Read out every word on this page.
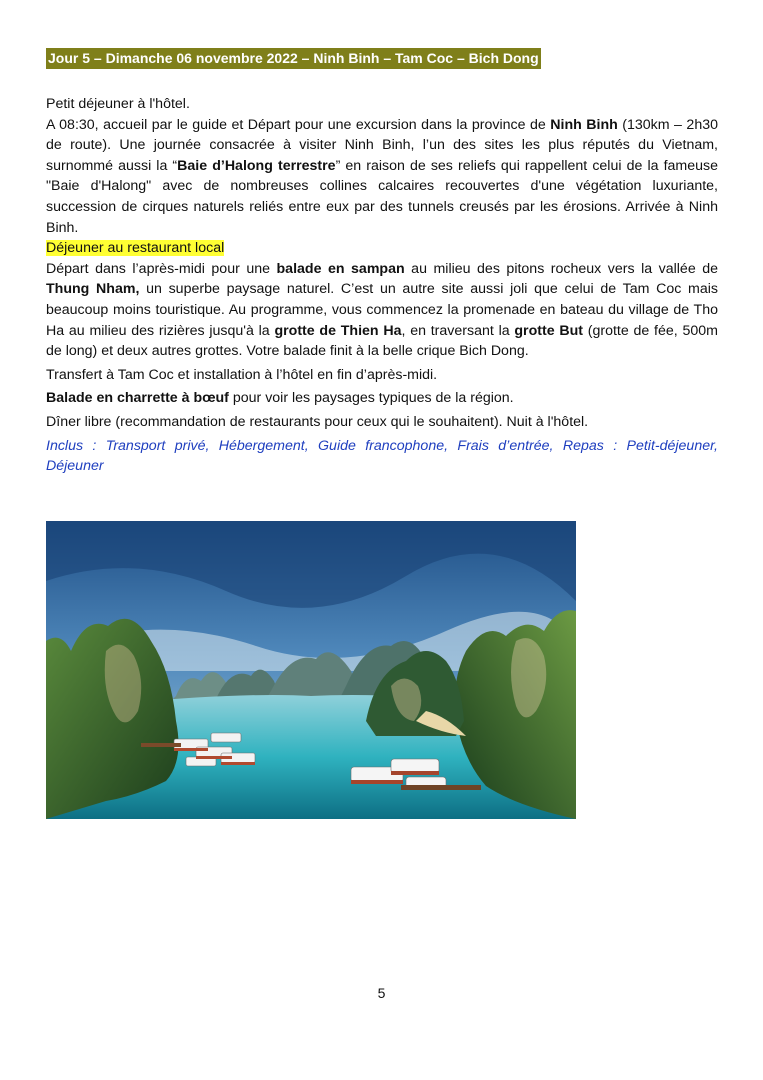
Jour 5 – Dimanche 06 novembre 2022 – Ninh Binh – Tam Coc – Bich Dong

Petit déjeuner à l'hôtel.

A 08:30, accueil par le guide et Départ pour une excursion dans la province de Ninh Binh (130km – 2h30 de route). Une journée consacrée à visiter Ninh Binh, l’un des sites les plus réputés du Vietnam, surnommé aussi la “Baie d’Halong terrestre” en raison de ses reliefs qui rappellent celui de la fameuse "Baie d'Halong" avec de nombreuses collines calcaires recouvertes d'une végétation luxuriante, succession de cirques naturels reliés entre eux par des tunnels creusés par les érosions. Arrivée à Ninh Binh.

Déjeuner au restaurant local

Départ dans l’après-midi pour une balade en sampan au milieu des pitons rocheux vers la vallée de Thung Nham, un superbe paysage naturel. C’est un autre site aussi joli que celui de Tam Coc mais beaucoup moins touristique. Au programme, vous commencez la promenade en bateau du village de Tho Ha au milieu des rizières jusqu'à la grotte de Thien Ha, en traversant la grotte But (grotte de fée, 500m de long) et deux autres grottes. Votre balade finit à la belle crique Bich Dong.

Transfert à Tam Coc et installation à l’hôtel en fin d’après-midi.

Balade en charrette à bœuf pour voir les paysages typiques de la région.

Dîner libre (recommandation de restaurants pour ceux qui le souhaitent). Nuit à l'hôtel.

Inclus : Transport privé, Hébergement, Guide francophone, Frais d’entrée, Repas : Petit-déjeuner, Déjeuner

5
